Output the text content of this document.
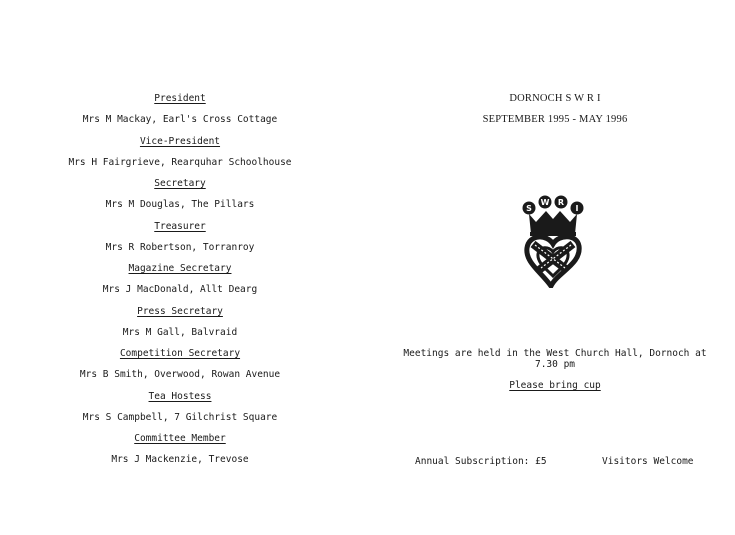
President
Mrs M Mackay, Earl's Cross Cottage
Vice-President
Mrs H Fairgrieve, Rearquhar Schoolhouse
Secretary
Mrs M Douglas, The Pillars
Treasurer
Mrs R Robertson, Torranroy
Magazine Secretary
Mrs J MacDonald, Allt Dearg
Press Secretary
Mrs M Gall, Balvraid
Competition Secretary
Mrs B Smith, Overwood, Rowan Avenue
Tea Hostess
Mrs S Campbell, 7 Gilchrist Square
Committee Member
Mrs J Mackenzie, Trevose
DORNOCH S W R I
SEPTEMBER 1995 - MAY 1996
S
W R
I
Meetings are held in the West Church Hall, Dornoch at
7.30 pm
Please bring cup
Annual Subscription: £5	Visitors Welcome
